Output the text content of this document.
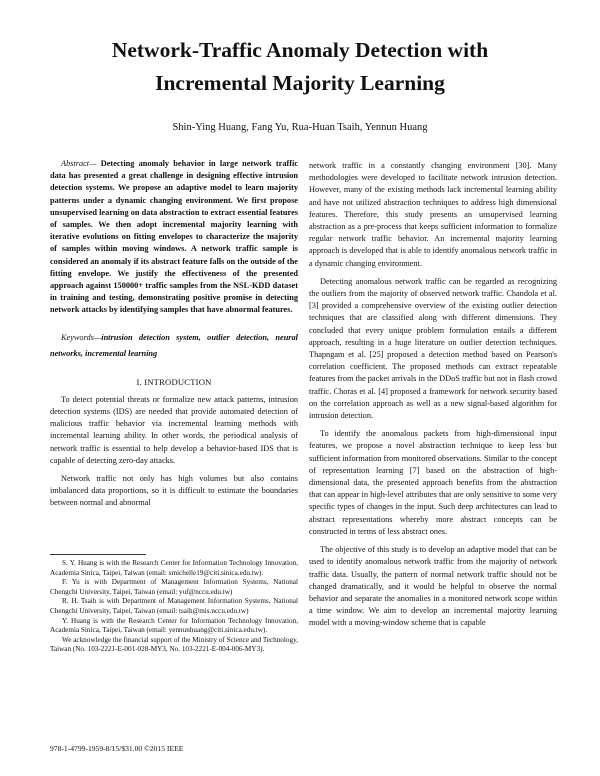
Network-Traffic Anomaly Detection with
Incremental Majority Learning
Shin-Ying Huang, Fang Yu, Rua-Huan Tsaih, Yennun Huang

Abstract— Detecting anomaly behavior in large network traffic data has presented a great challenge in designing effective intrusion detection systems. We propose an adaptive model to learn majority patterns under a dynamic changing environment. We first propose unsupervised learning on data abstraction to extract essential features of samples. We then adopt incremental majority learning with iterative evolutions on fitting envelopes to characterize the majority of samples within moving windows. A network traffic sample is considered an anomaly if its abstract feature falls on the outside of the fitting envelope. We justify the effectiveness of the presented approach against 150000+ traffic samples from the NSL-KDD dataset in training and testing, demonstrating positive promise in detecting network attacks by identifying samples that have abnormal features.

Keywords—intrusion detection system, outlier detection, neural networks, incremental learning

I. INTRODUCTION

To detect potential threats or formalize new attack patterns, intrusion detection systems (IDS) are needed that provide automated detection of malicious traffic behavior via incremental learning methods with incremental learning ability. In other words, the periodical analysis of network traffic is essential to help develop a behavior-based IDS that is capable of detecting zero-day attacks.

Network traffic not only has high volumes but also contains imbalanced data proportions, so it is difficult to estimate the boundaries between normal and abnormal

S. Y. Huang is with the Research Center for Information Technology Innovation, Academia Sinica, Taipei, Taiwan (email: smichelle19@citi.sinica.edu.tw).

F. Yu is with Department of Management Information Systems, National Chengchi University, Taipei, Taiwan (email: yuf@nccu.edu.tw)

R. H. Tsaih is with Department of Management Information Systems, National Chengchi University, Taipei, Taiwan (email: tsaih@mis.nccu.edu.tw)

Y. Huang is with the Research Center for Information Technology Innovation, Academia Sinica, Taipei, Taiwan (email: yennunhuang@citi.sinica.edu.tw).

We acknowledge the financial support of the Ministry of Science and Technology, Taiwan (No. 103-2221-E-001-028-MY3, No. 103-2221-E-004-006-MY3).

network traffic in a constantly changing environment [30]. Many methodologies were developed to facilitate network intrusion detection. However, many of the existing methods lack incremental learning ability and have not utilized abstraction techniques to address high dimensional features. Therefore, this study presents an unsupervised learning abstraction as a pre-process that keeps sufficient information to formalize regular network traffic behavior. An incremental majority learning approach is developed that is able to identify anomalous network traffic in a dynamic changing environment.

Detecting anomalous network traffic can be regarded as recognizing the outliers from the majority of observed network traffic. Chandola et al. [3] provided a comprehensive overview of the existing outlier detection techniques that are classified along with different dimensions. They concluded that every unique problem formulation entails a different approach, resulting in a huge literature on outlier detection techniques. Thapngam et al. [25] proposed a detection method based on Pearson's correlation coefficient. The proposed methods can extract repeatable features from the packet arrivals in the DDoS traffic but not in flash crowd traffic. Choras et al. [4] proposed a framework for network security based on the correlation approach as well as a new signal-based algorithm for intrusion detection.

To identify the anomalous packets from high-dimensional input features, we propose a novel abstraction technique to keep less but sufficient information from monitored observations. Similar to the concept of representation learning [7] based on the abstraction of high-dimensional data, the presented approach benefits from the abstraction that can appear in high-level attributes that are only sensitive to some very specific types of changes in the input. Such deep architectures can lead to abstract representations whereby more abstract concepts can be constructed in terms of less abstract ones.

The objective of this study is to develop an adaptive model that can be used to identify anomalous network traffic from the majority of network traffic data. Usually, the pattern of normal network traffic should not be changed dramatically, and it would be helpful to observe the normal behavior and separate the anomalies in a monitored network scope within a time window. We aim to develop an incremental majority learning model with a moving-window scheme that is capable

978-1-4799-1959-8/15/$31.00 ©2015 IEEE
